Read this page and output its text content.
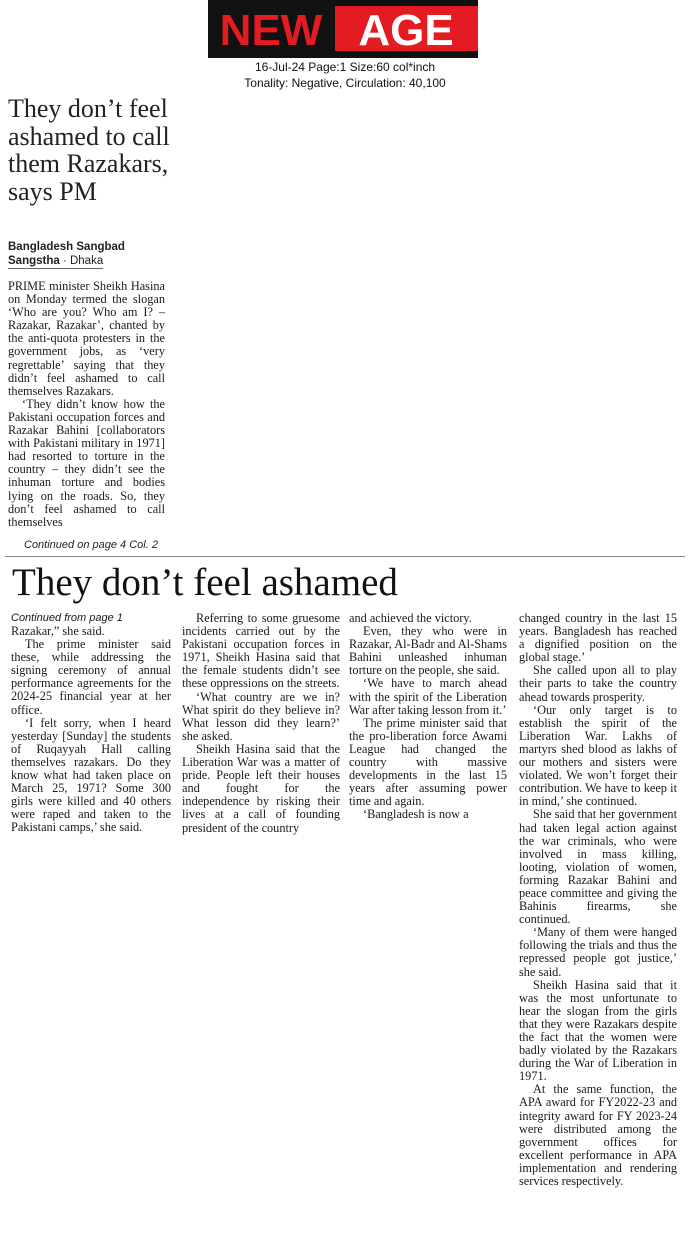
NEW AGE
16-Jul-24 Page:1 Size:60 col*inch
Tonality: Negative, Circulation: 40,100
They don’t feel ashamed to call them Razakars, says PM
Bangladesh Sangbad
Sangstha · Dhaka

PRIME minister Sheikh Hasina on Monday termed the slogan ‘Who are you? Who am I? – Razakar, Razakar’, chanted by the anti-quota protesters in the government jobs, as ‘very regrettable’ saying that they didn’t feel ashamed to call themselves Razakars.

‘They didn’t know how the Pakistani occupation forces and Razakar Bahini [collaborators with Pakistani military in 1971] had resorted to torture in the country – they didn’t see the inhuman torture and bodies lying on the roads. So, they don’t feel ashamed to call themselves

Continued on page 4 Col. 2
They don’t feel ashamed
Continued from page 1

Razakar,” she said.

The prime minister said these, while addressing the signing ceremony of annual performance agreements for the 2024-25 financial year at her office.

‘I felt sorry, when I heard yesterday [Sunday] the students of Ruqayyah Hall calling themselves razakars. Do they know what had taken place on March 25, 1971? Some 300 girls were killed and 40 others were raped and taken to the Pakistani camps,’ she said.

Referring to some gruesome incidents carried out by the Pakistani occupation forces in 1971, Sheikh Hasina said that the female students didn’t see these oppressions on the streets.

‘What country are we in? What spirit do they believe in? What lesson did they learn?’ she asked.

Sheikh Hasina said that the Liberation War was a matter of pride. People left their houses and fought for the independence by risking their lives at a call of founding president of the country

and achieved the victory.

Even, they who were in Razakar, Al-Badr and Al-Shams Bahini unleashed inhuman torture on the people, she said.

‘We have to march ahead with the spirit of the Liberation War after taking lesson from it.’

The prime minister said that the pro-liberation force Awami League had changed the country with massive developments in the last 15 years after assuming power time and again.

‘Bangladesh is now a

changed country in the last 15 years. Bangladesh has reached a dignified position on the global stage.’

She called upon all to play their parts to take the country ahead towards prosperity.

‘Our only target is to establish the spirit of the Liberation War. Lakhs of martyrs shed blood as lakhs of our mothers and sisters were violated. We won’t forget their contribution. We have to keep it in mind,’ she continued.

She said that her government had taken legal action against the war criminals, who were involved in mass killing, looting, violation of women, forming Razakar Bahini and peace committee and giving the Bahinis firearms, she continued.

‘Many of them were hanged following the trials and thus the repressed people got justice,’ she said.

Sheikh Hasina said that it was the most unfortunate to hear the slogan from the girls that they were Razakars despite the fact that the women were badly violated by the Razakars during the War of Liberation in 1971.

At the same function, the APA award for FY2022-23 and integrity award for FY 2023-24 were distributed among the government offices for excellent performance in APA implementation and rendering services respectively.
